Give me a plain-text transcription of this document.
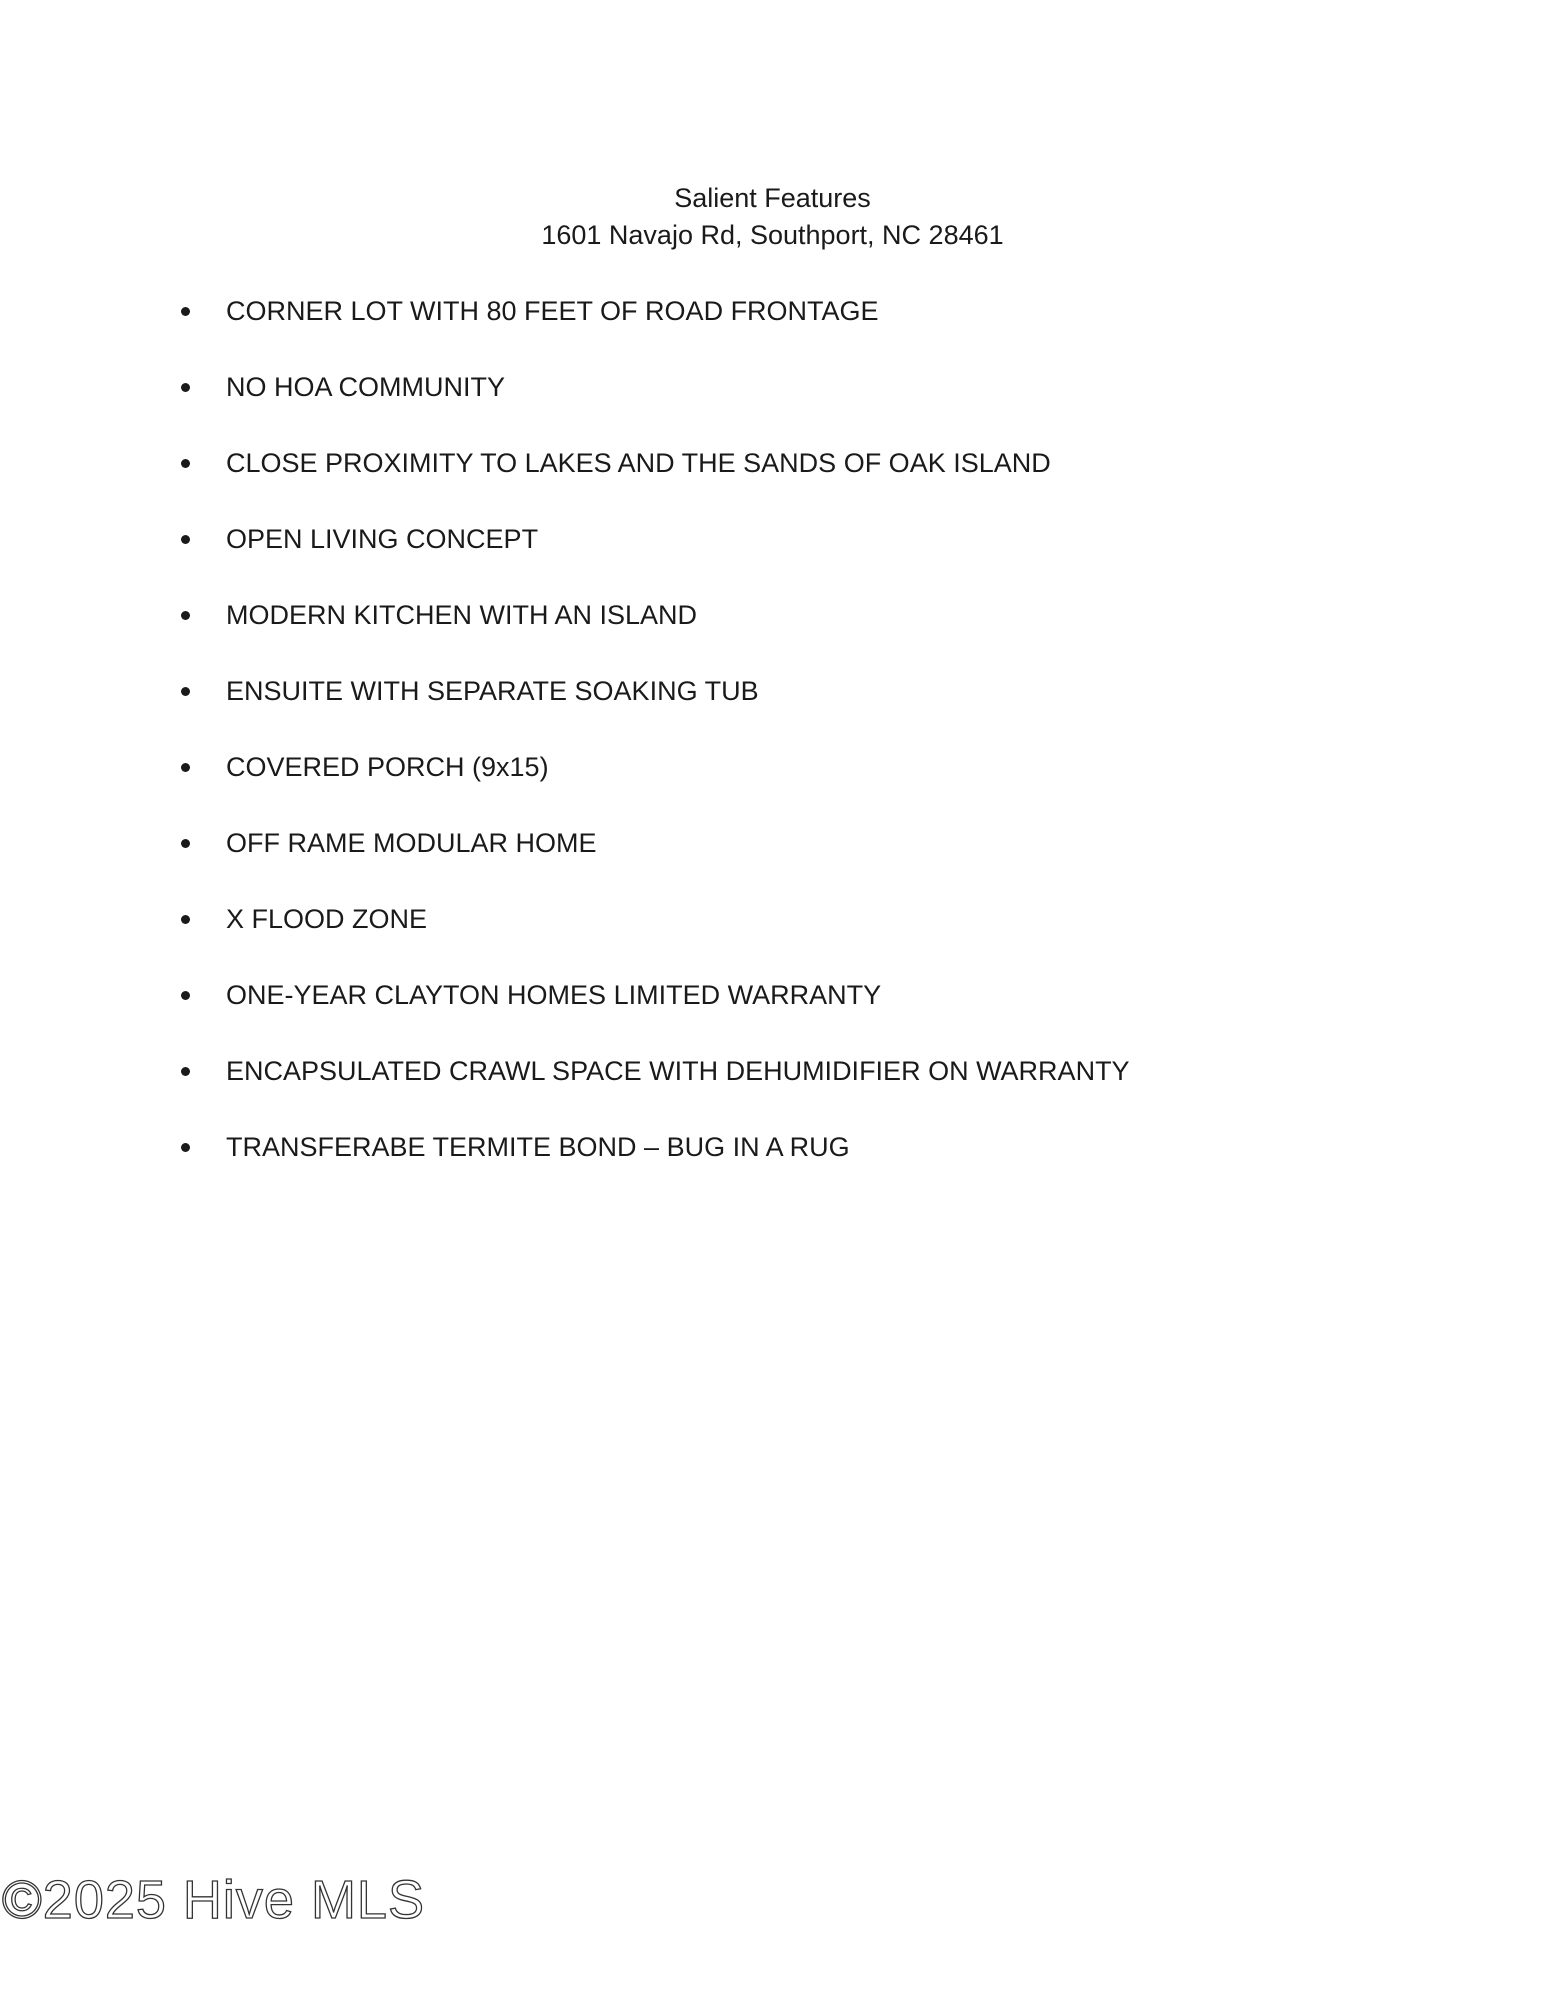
Salient Features
1601 Navajo Rd, Southport, NC 28461
CORNER LOT WITH 80 FEET OF ROAD FRONTAGE
NO HOA COMMUNITY
CLOSE PROXIMITY TO LAKES AND THE SANDS OF OAK ISLAND
OPEN LIVING CONCEPT
MODERN KITCHEN WITH AN ISLAND
ENSUITE WITH SEPARATE SOAKING TUB
COVERED PORCH (9x15)
OFF RAME MODULAR HOME
X FLOOD ZONE
ONE-YEAR CLAYTON HOMES LIMITED WARRANTY
ENCAPSULATED CRAWL SPACE WITH DEHUMIDIFIER ON WARRANTY
TRANSFERABE TERMITE BOND – BUG IN A RUG
©2025 Hive MLS
